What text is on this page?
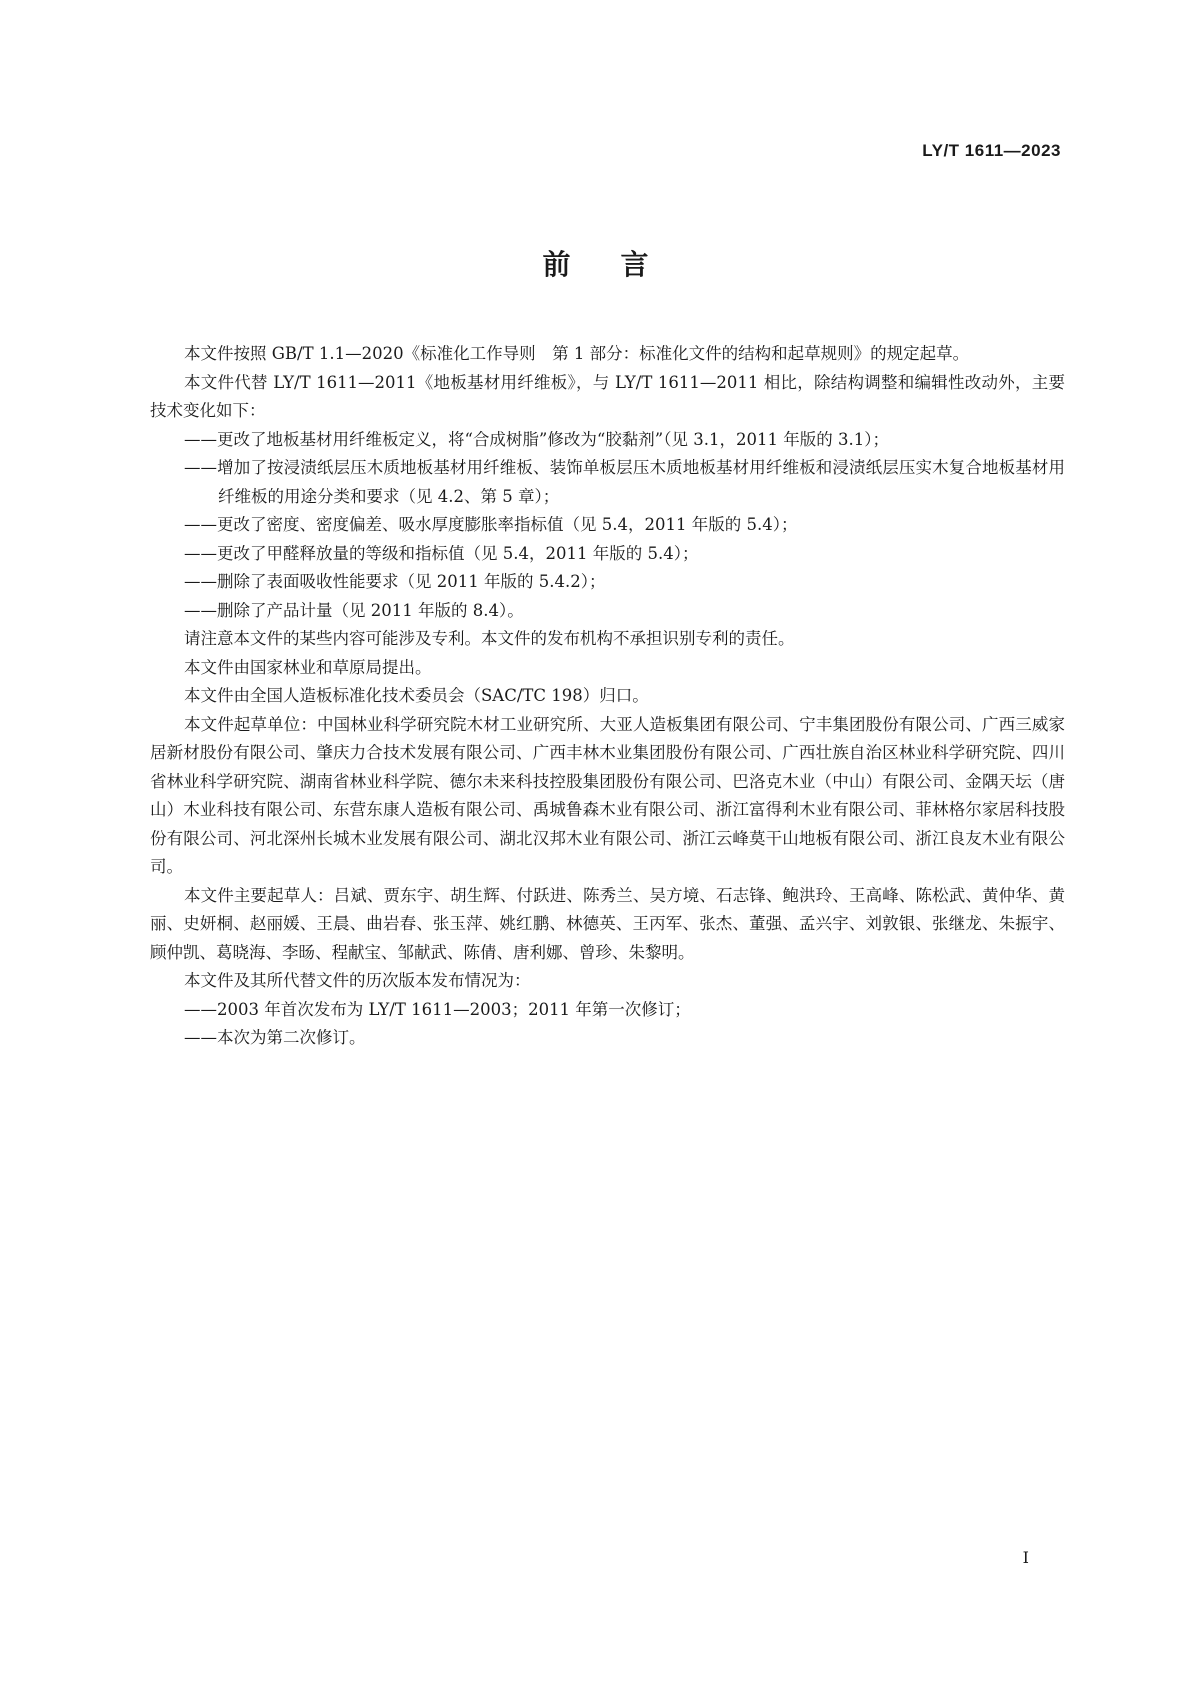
LY/T 1611—2023
前言

本文件按照 GB/T 1.1—2020《标准化工作导则　第 1 部分：标准化文件的结构和起草规则》的规定起草。

本文件代替 LY/T 1611—2011《地板基材用纤维板》，与 LY/T 1611—2011 相比，除结构调整和编辑性改动外，主要技术变化如下：

——更改了地板基材用纤维板定义，将“合成树脂”修改为“胶黏剂”（见 3.1，2011 年版的 3.1）；

——增加了按浸渍纸层压木质地板基材用纤维板、装饰单板层压木质地板基材用纤维板和浸渍纸层压实木复合地板基材用纤维板的用途分类和要求（见 4.2、第 5 章）；

——更改了密度、密度偏差、吸水厚度膨胀率指标值（见 5.4，2011 年版的 5.4）；

——更改了甲醛释放量的等级和指标值（见 5.4，2011 年版的 5.4）；

——删除了表面吸收性能要求（见 2011 年版的 5.4.2）；

——删除了产品计量（见 2011 年版的 8.4）。

请注意本文件的某些内容可能涉及专利。本文件的发布机构不承担识别专利的责任。

本文件由国家林业和草原局提出。

本文件由全国人造板标准化技术委员会（SAC/TC 198）归口。

本文件起草单位：中国林业科学研究院木材工业研究所、大亚人造板集团有限公司、宁丰集团股份有限公司、广西三威家居新材股份有限公司、肇庆力合技术发展有限公司、广西丰林木业集团股份有限公司、广西壮族自治区林业科学研究院、四川省林业科学研究院、湖南省林业科学院、德尔未来科技控股集团股份有限公司、巴洛克木业（中山）有限公司、金隅天坛（唐山）木业科技有限公司、东营东康人造板有限公司、禹城鲁森木业有限公司、浙江富得利木业有限公司、菲林格尔家居科技股份有限公司、河北深州长城木业发展有限公司、湖北汉邦木业有限公司、浙江云峰莫干山地板有限公司、浙江良友木业有限公司。

本文件主要起草人：吕斌、贾东宇、胡生辉、付跃进、陈秀兰、吴方境、石志锋、鲍洪玲、王高峰、陈松武、黄仲华、黄丽、史妍桐、赵丽媛、王晨、曲岩春、张玉萍、姚红鹏、林德英、王丙军、张杰、董强、孟兴宇、刘敦银、张继龙、朱振宇、顾仲凯、葛晓海、李旸、程献宝、邹献武、陈倩、唐利娜、曾珍、朱黎明。

本文件及其所代替文件的历次版本发布情况为：

——2003 年首次发布为 LY/T 1611—2003；2011 年第一次修订；

——本次为第二次修订。

I
